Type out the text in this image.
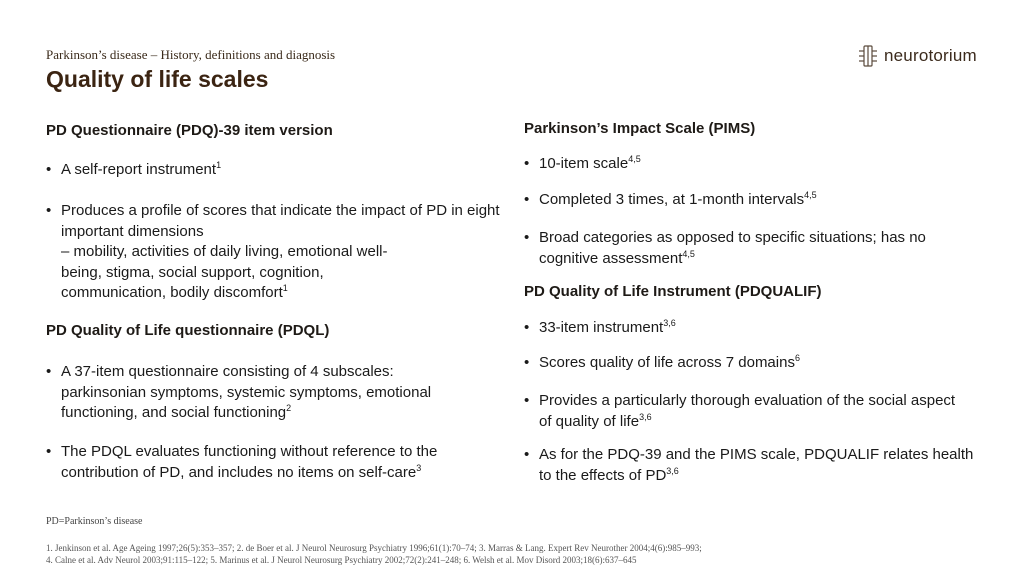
Parkinson’s disease – History, definitions and diagnosis
Quality of life scales
neurotorium
PD Questionnaire (PDQ)-39 item version
• A self-report instrument$^1$
• Produces a profile of scores that indicate the impact of PD in eight important dimensions
– mobility, activities of daily living, emotional well-being, stigma, social support, cognition, communication, bodily discomfort$^1$
PD Quality of Life questionnaire (PDQL)
• A 37-item questionnaire consisting of 4 subscales: parkinsonian symptoms, systemic symptoms, emotional functioning, and social functioning$^2$
• The PDQL evaluates functioning without reference to the contribution of PD, and includes no items on self-care$^3$
Parkinson’s Impact Scale (PIMS)
• 10-item scale$^{4,5}$
• Completed 3 times, at 1-month intervals$^{4,5}$
• Broad categories as opposed to specific situations; has no cognitive assessment$^{4,5}$
PD Quality of Life Instrument (PDQUALIF)
• 33-item instrument$^{3,6}$
• Scores quality of life across 7 domains$^6$
• Provides a particularly thorough evaluation of the social aspect of quality of life$^{3,6}$
• As for the PDQ-39 and the PIMS scale, PDQUALIF relates health to the effects of PD$^{3,6}$
PD=Parkinson’s disease
1. Jenkinson et al. Age Ageing 1997;26(5):353–357; 2. de Boer et al. J Neurol Neurosurg Psychiatry 1996;61(1):70–74; 3. Marras & Lang. Expert Rev Neurother 2004;4(6):985–993;
4. Calne et al. Adv Neurol 2003;91:115–122; 5. Marinus et al. J Neurol Neurosurg Psychiatry 2002;72(2):241–248; 6. Welsh et al. Mov Disord 2003;18(6):637–645
